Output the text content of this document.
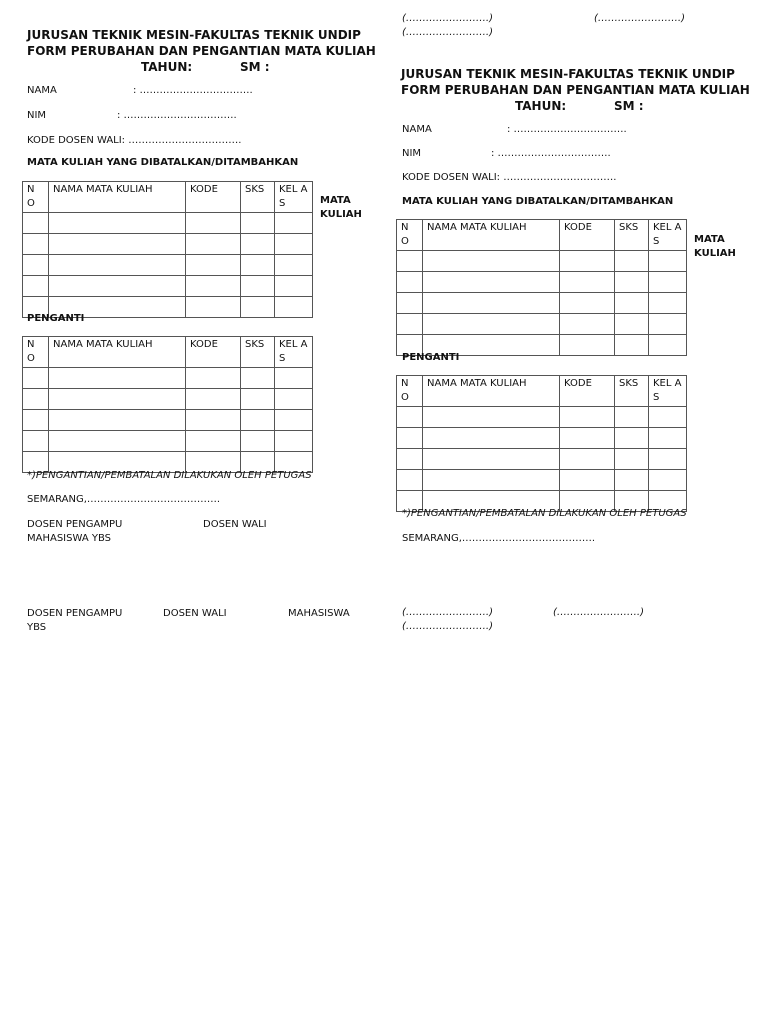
(…………………….)	(…………………….)
(…………………….)
JURUSAN TEKNIK MESIN-FAKULTAS TEKNIK UNDIP
FORM PERUBAHAN DAN PENGANTIAN MATA KULIAH
TAHUN:	SM :
NAMA	: …………………………….
NIM	: …………………………….
KODE DOSEN WALI: …………………………….
MATA KULIAH YANG DIBATALKAN/DITAMBAHKAN
N O	NAMA MATA KULIAH	KODE	SKS	KEL AS

					MATA
KULIAH
PENGANTI
N O	NAMA MATA KULIAH	KODE	SKS	KEL AS

*)PENGANTIAN/PEMBATALAN DILAKUKAN OLEH PETUGAS
SEMARANG,………………………………….
DOSEN PENGAMPU	DOSEN WALI
MAHASISWA YBS
DOSEN PENGAMPU	DOSEN WALI	MAHASISWA
YBS
JURUSAN TEKNIK MESIN-FAKULTAS TEKNIK UNDIP
FORM PERUBAHAN DAN PENGANTIAN MATA KULIAH
TAHUN:	SM :
NAMA	: …………………………….
NIM	: …………………………….
KODE DOSEN WALI: …………………………….
MATA KULIAH YANG DIBATALKAN/DITAMBAHKAN
N O	NAMA MATA KULIAH	KODE	SKS	KEL AS

					MATA
KULIAH
PENGANTI
N O	NAMA MATA KULIAH	KODE	SKS	KEL AS

*)PENGANTIAN/PEMBATALAN DILAKUKAN OLEH PETUGAS
SEMARANG,………………………………….
(…………………….)	(…………………….)
(…………………….)
